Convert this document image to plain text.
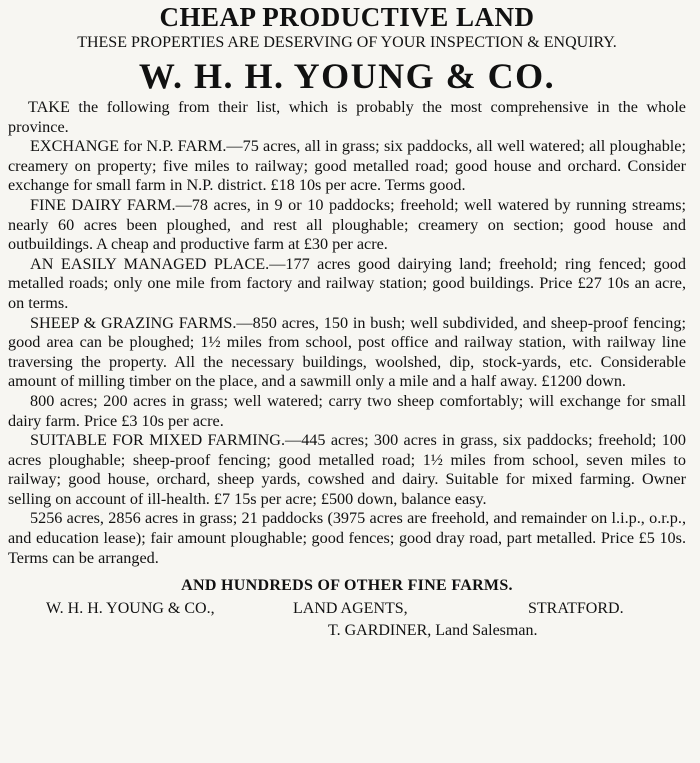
CHEAP PRODUCTIVE LAND

THESE PROPERTIES ARE DESERVING OF YOUR INSPECTION & ENQUIRY.

W. H. H. YOUNG & CO.

TAKE the following from their list, which is probably the most comprehensive in the whole province.

EXCHANGE for N.P. FARM.—75 acres, all in grass; six paddocks, all well watered; all ploughable; creamery on property; five miles to railway; good metalled road; good house and orchard. Consider exchange for small farm in N.P. district. £18 10s per acre. Terms good.

FINE DAIRY FARM.—78 acres, in 9 or 10 paddocks; freehold; well watered by running streams; nearly 60 acres been ploughed, and rest all ploughable; creamery on section; good house and outbuildings. A cheap and productive farm at £30 per acre.

AN EASILY MANAGED PLACE.—177 acres good dairying land; freehold; ring fenced; good metalled roads; only one mile from factory and railway station; good buildings. Price £27 10s an acre, on terms.

SHEEP & GRAZING FARMS.—850 acres, 150 in bush; well subdivided, and sheep-proof fencing; good area can be ploughed; 1½ miles from school, post office and railway station, with railway line traversing the property. All the necessary buildings, woolshed, dip, stock-yards, etc. Considerable amount of milling timber on the place, and a sawmill only a mile and a half away. £1200 down.

800 acres; 200 acres in grass; well watered; carry two sheep comfortably; will exchange for small dairy farm. Price £3 10s per acre.

SUITABLE FOR MIXED FARMING.—445 acres; 300 acres in grass, six paddocks; freehold; 100 acres ploughable; sheep-proof fencing; good metalled road; 1½ miles from school, seven miles to railway; good house, orchard, sheep yards, cowshed and dairy. Suitable for mixed farming. Owner selling on account of ill-health. £7 15s per acre; £500 down, balance easy.

5256 acres, 2856 acres in grass; 21 paddocks (3975 acres are freehold, and remainder on l.i.p., o.r.p., and education lease); fair amount ploughable; good fences; good dray road, part metalled. Price £5 10s. Terms can be arranged.

AND HUNDREDS OF OTHER FINE FARMS.

W. H. H. YOUNG & CO.,	LAND AGENTS,	STRATFORD.

T. GARDINER, Land Salesman.
